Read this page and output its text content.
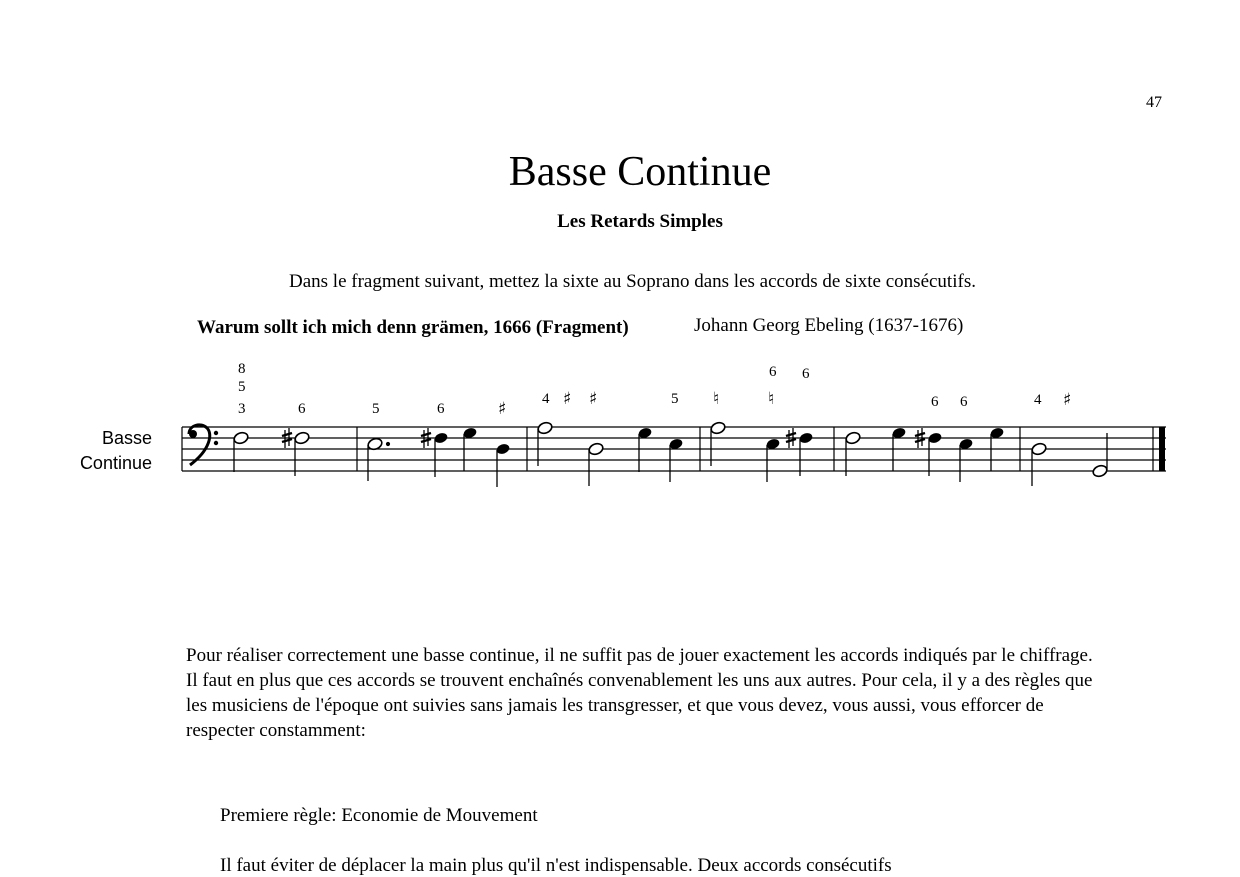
47
Basse Continue
Les Retards Simples
Dans le fragment suivant, mettez la sixte au Soprano dans les accords de sixte consécutifs.
Warum sollt ich mich denn grämen, 1666 (Fragment)	Johann Georg Ebeling (1637-1676)
Basse
Continue
8
5
3	6	5	6	♯ 4 ♯ ♯	5 ♮
6
♮
6
6 6	4 ♯
Pour réaliser correctement une basse continue, il ne suffit pas de jouer exactement les accords indiqués par le chiffrage. Il faut en plus que ces accords se trouvent enchaînés convenablement les uns aux autres. Pour cela, il y a des règles que les musiciens de l'époque ont suivies sans jamais les transgresser, et que vous devez, vous aussi, vous efforcer de respecter constamment:
Premiere règle: Economie de Mouvement
Il faut éviter de déplacer la main plus qu'il n'est indispensable. Deux accords consécutifs
